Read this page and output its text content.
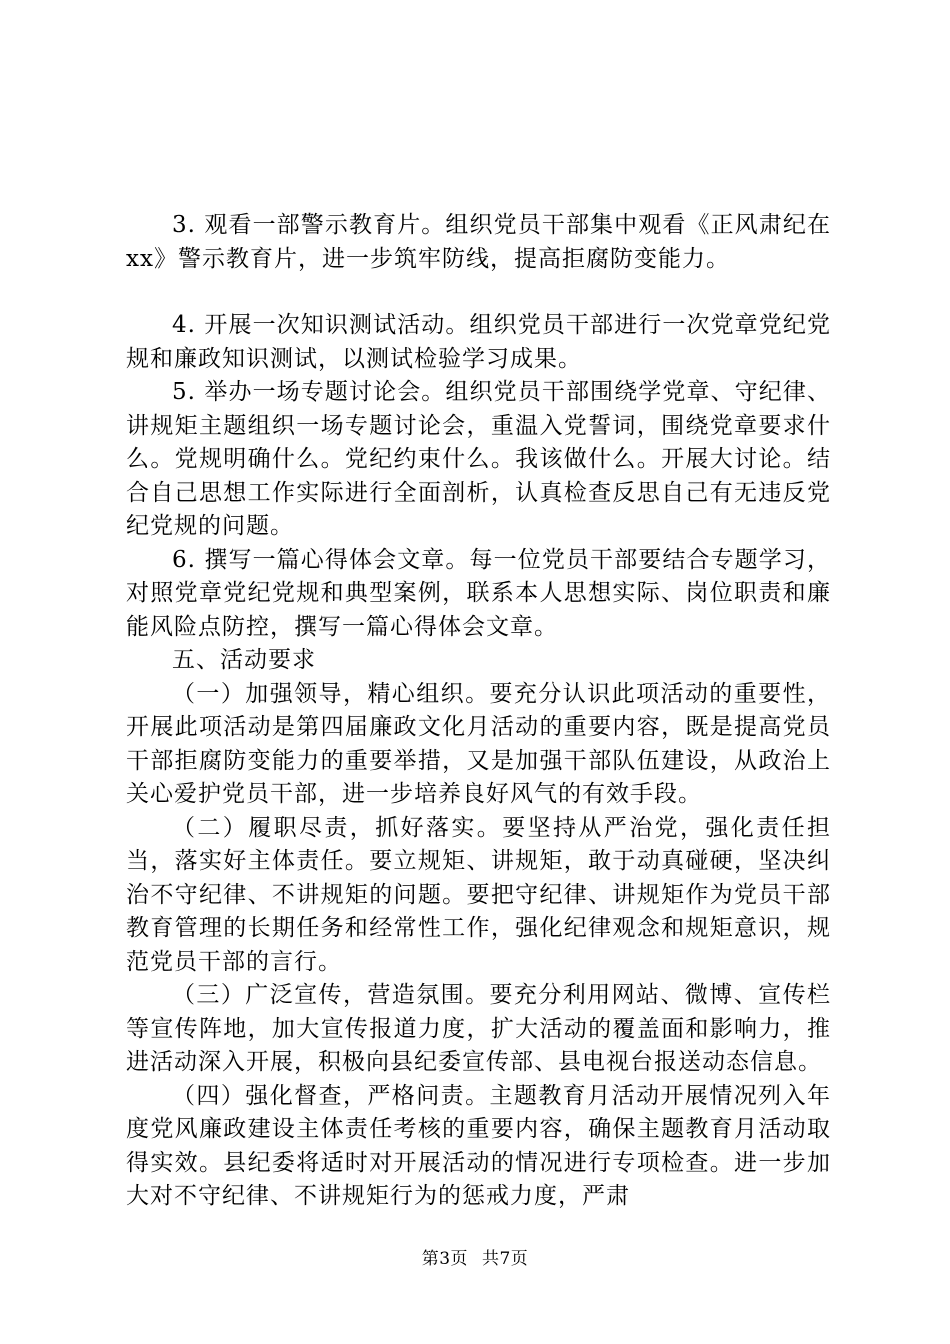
3. 观看一部警示教育片。组织党员干部集中观看《正风肃纪在xx》警示教育片，进一步筑牢防线，提高拒腐防变能力。

4. 开展一次知识测试活动。组织党员干部进行一次党章党纪党规和廉政知识测试，以测试检验学习成果。

5. 举办一场专题讨论会。组织党员干部围绕学党章、守纪律、讲规矩主题组织一场专题讨论会，重温入党誓词，围绕党章要求什么。党规明确什么。党纪约束什么。我该做什么。开展大讨论。结合自己思想工作实际进行全面剖析，认真检查反思自己有无违反党纪党规的问题。

6. 撰写一篇心得体会文章。每一位党员干部要结合专题学习，对照党章党纪党规和典型案例，联系本人思想实际、岗位职责和廉能风险点防控，撰写一篇心得体会文章。

五、活动要求

（一）加强领导，精心组织。要充分认识此项活动的重要性，开展此项活动是第四届廉政文化月活动的重要内容，既是提高党员干部拒腐防变能力的重要举措，又是加强干部队伍建设，从政治上关心爱护党员干部，进一步培养良好风气的有效手段。

（二）履职尽责，抓好落实。要坚持从严治党，强化责任担当，落实好主体责任。要立规矩、讲规矩，敢于动真碰硬，坚决纠治不守纪律、不讲规矩的问题。要把守纪律、讲规矩作为党员干部教育管理的长期任务和经常性工作，强化纪律观念和规矩意识，规范党员干部的言行。

（三）广泛宣传，营造氛围。要充分利用网站、微博、宣传栏等宣传阵地，加大宣传报道力度，扩大活动的覆盖面和影响力，推进活动深入开展，积极向县纪委宣传部、县电视台报送动态信息。

（四）强化督查，严格问责。主题教育月活动开展情况列入年度党风廉政建设主体责任考核的重要内容，确保主题教育月活动取得实效。县纪委将适时对开展活动的情况进行专项检查。进一步加大对不守纪律、不讲规矩行为的惩戒力度，严肃

第3页 共7页
